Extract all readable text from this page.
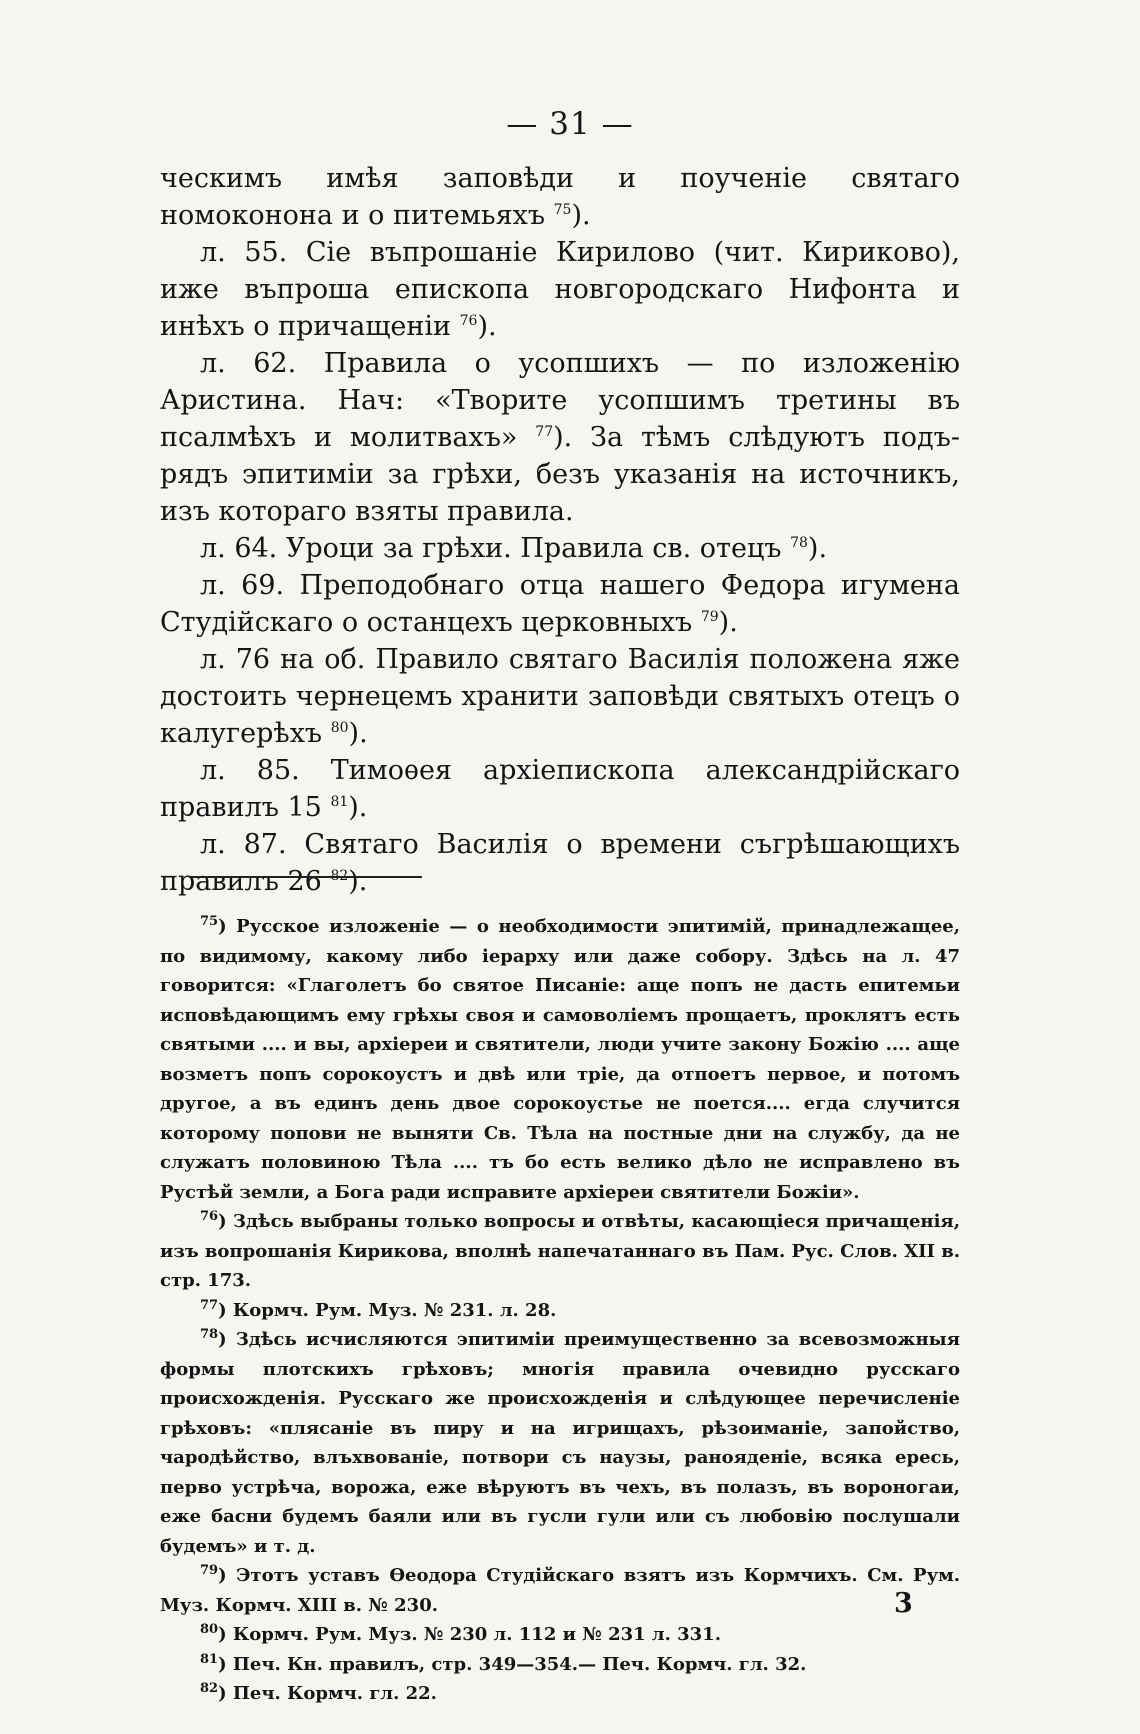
— 31 —

ческимъ имѣя заповѣди и поученіе святаго номоконона и о питемьяхъ $^{75}$).

л. 55. Сіе въпрошаніе Кирилово (чит. Кириково), иже въпроша епископа новгородскаго Нифонта и инѣхъ о причащеніи $^{76}$).

л. 62. Правила о усопшихъ — по изложенію Аристина. Нач: «Творите усопшимъ третины въ псалмѣхъ и молитвахъ» $^{77}$). За тѣмъ слѣдуютъ подъ-рядъ эпитиміи за грѣхи, безъ указанія на источникъ, изъ котораго взяты правила.

л. 64. Уроци за грѣхи. Правила св. отецъ $^{78}$).

л. 69. Преподобнаго отца нашего Федора игумена Студійскаго о останцехъ церковныхъ $^{79}$).

л. 76 на об. Правило святаго Василія положена яже достоить чернецемъ хранити заповѣди святыхъ отецъ о калугерѣхъ $^{80}$).

л. 85. Тимоѳея архіепископа александрійскаго правилъ 15 $^{81}$).

л. 87. Святаго Василія о времени съгрѣшающихъ правилъ 26 $^{82}$).

$^{75}$) Русское изложеніе — о необходимости эпитимій, принадлежащее, по видимому, какому либо іерарху или даже собору. Здѣсь на л. 47 говорится: «Глаголетъ бо святое Писаніе: аще попъ не дасть епитемьи исповѣдающимъ ему грѣхы своя и самоволіемъ прощаетъ, проклятъ есть святыми .... и вы, архіереи и святители, люди учите закону Божію .... аще возметъ попъ сорокоустъ и двѣ или тріе, да отпоетъ первое, и потомъ другое, а въ единъ день двое сорокоустье не поется.... егда случится которому попови не выняти Св. Тѣла на постные дни на службу, да не служатъ половиною Тѣла .... тъ бо есть велико дѣло не исправлено въ Рустѣй земли, а Бога ради исправите архіереи святители Божіи».

$^{76}$) Здѣсь выбраны только вопросы и отвѣты, касающіеся причащенія, изъ вопрошанія Кирикова, вполнѣ напечатаннаго въ Пам. Рус. Слов. XII в. стр. 173.

$^{77}$) Кормч. Рум. Муз. № 231. л. 28.

$^{78}$) Здѣсь исчисляются эпитиміи преимущественно за всевозможныя формы плотскихъ грѣховъ; многія правила очевидно русскаго происхожденія. Русскаго же происхожденія и слѣдующее перечисленіе грѣховъ: «плясаніе въ пиру и на игрищахъ, рѣзоиманіе, запойство, чародѣйство, влъхвованіе, потвори съ наузы, ранояденіе, всяка ересь, перво устрѣча, ворожа, еже вѣруютъ въ чехъ, въ полазъ, въ вороногаи, еже басни будемъ баяли или въ гусли гули или съ любовію послушали будемъ» и т. д.

$^{79}$) Этотъ уставъ Ѳеодора Студійскаго взятъ изъ Кормчихъ. См. Рум. Муз. Кормч. XIII в. № 230.

$^{80}$) Кормч. Рум. Муз. № 230 л. 112 и № 231 л. 331.

$^{81}$) Печ. Кн. правилъ, стр. 349—354.— Печ. Кормч. гл. 32.

$^{82}$) Печ. Кормч. гл. 22.

3
